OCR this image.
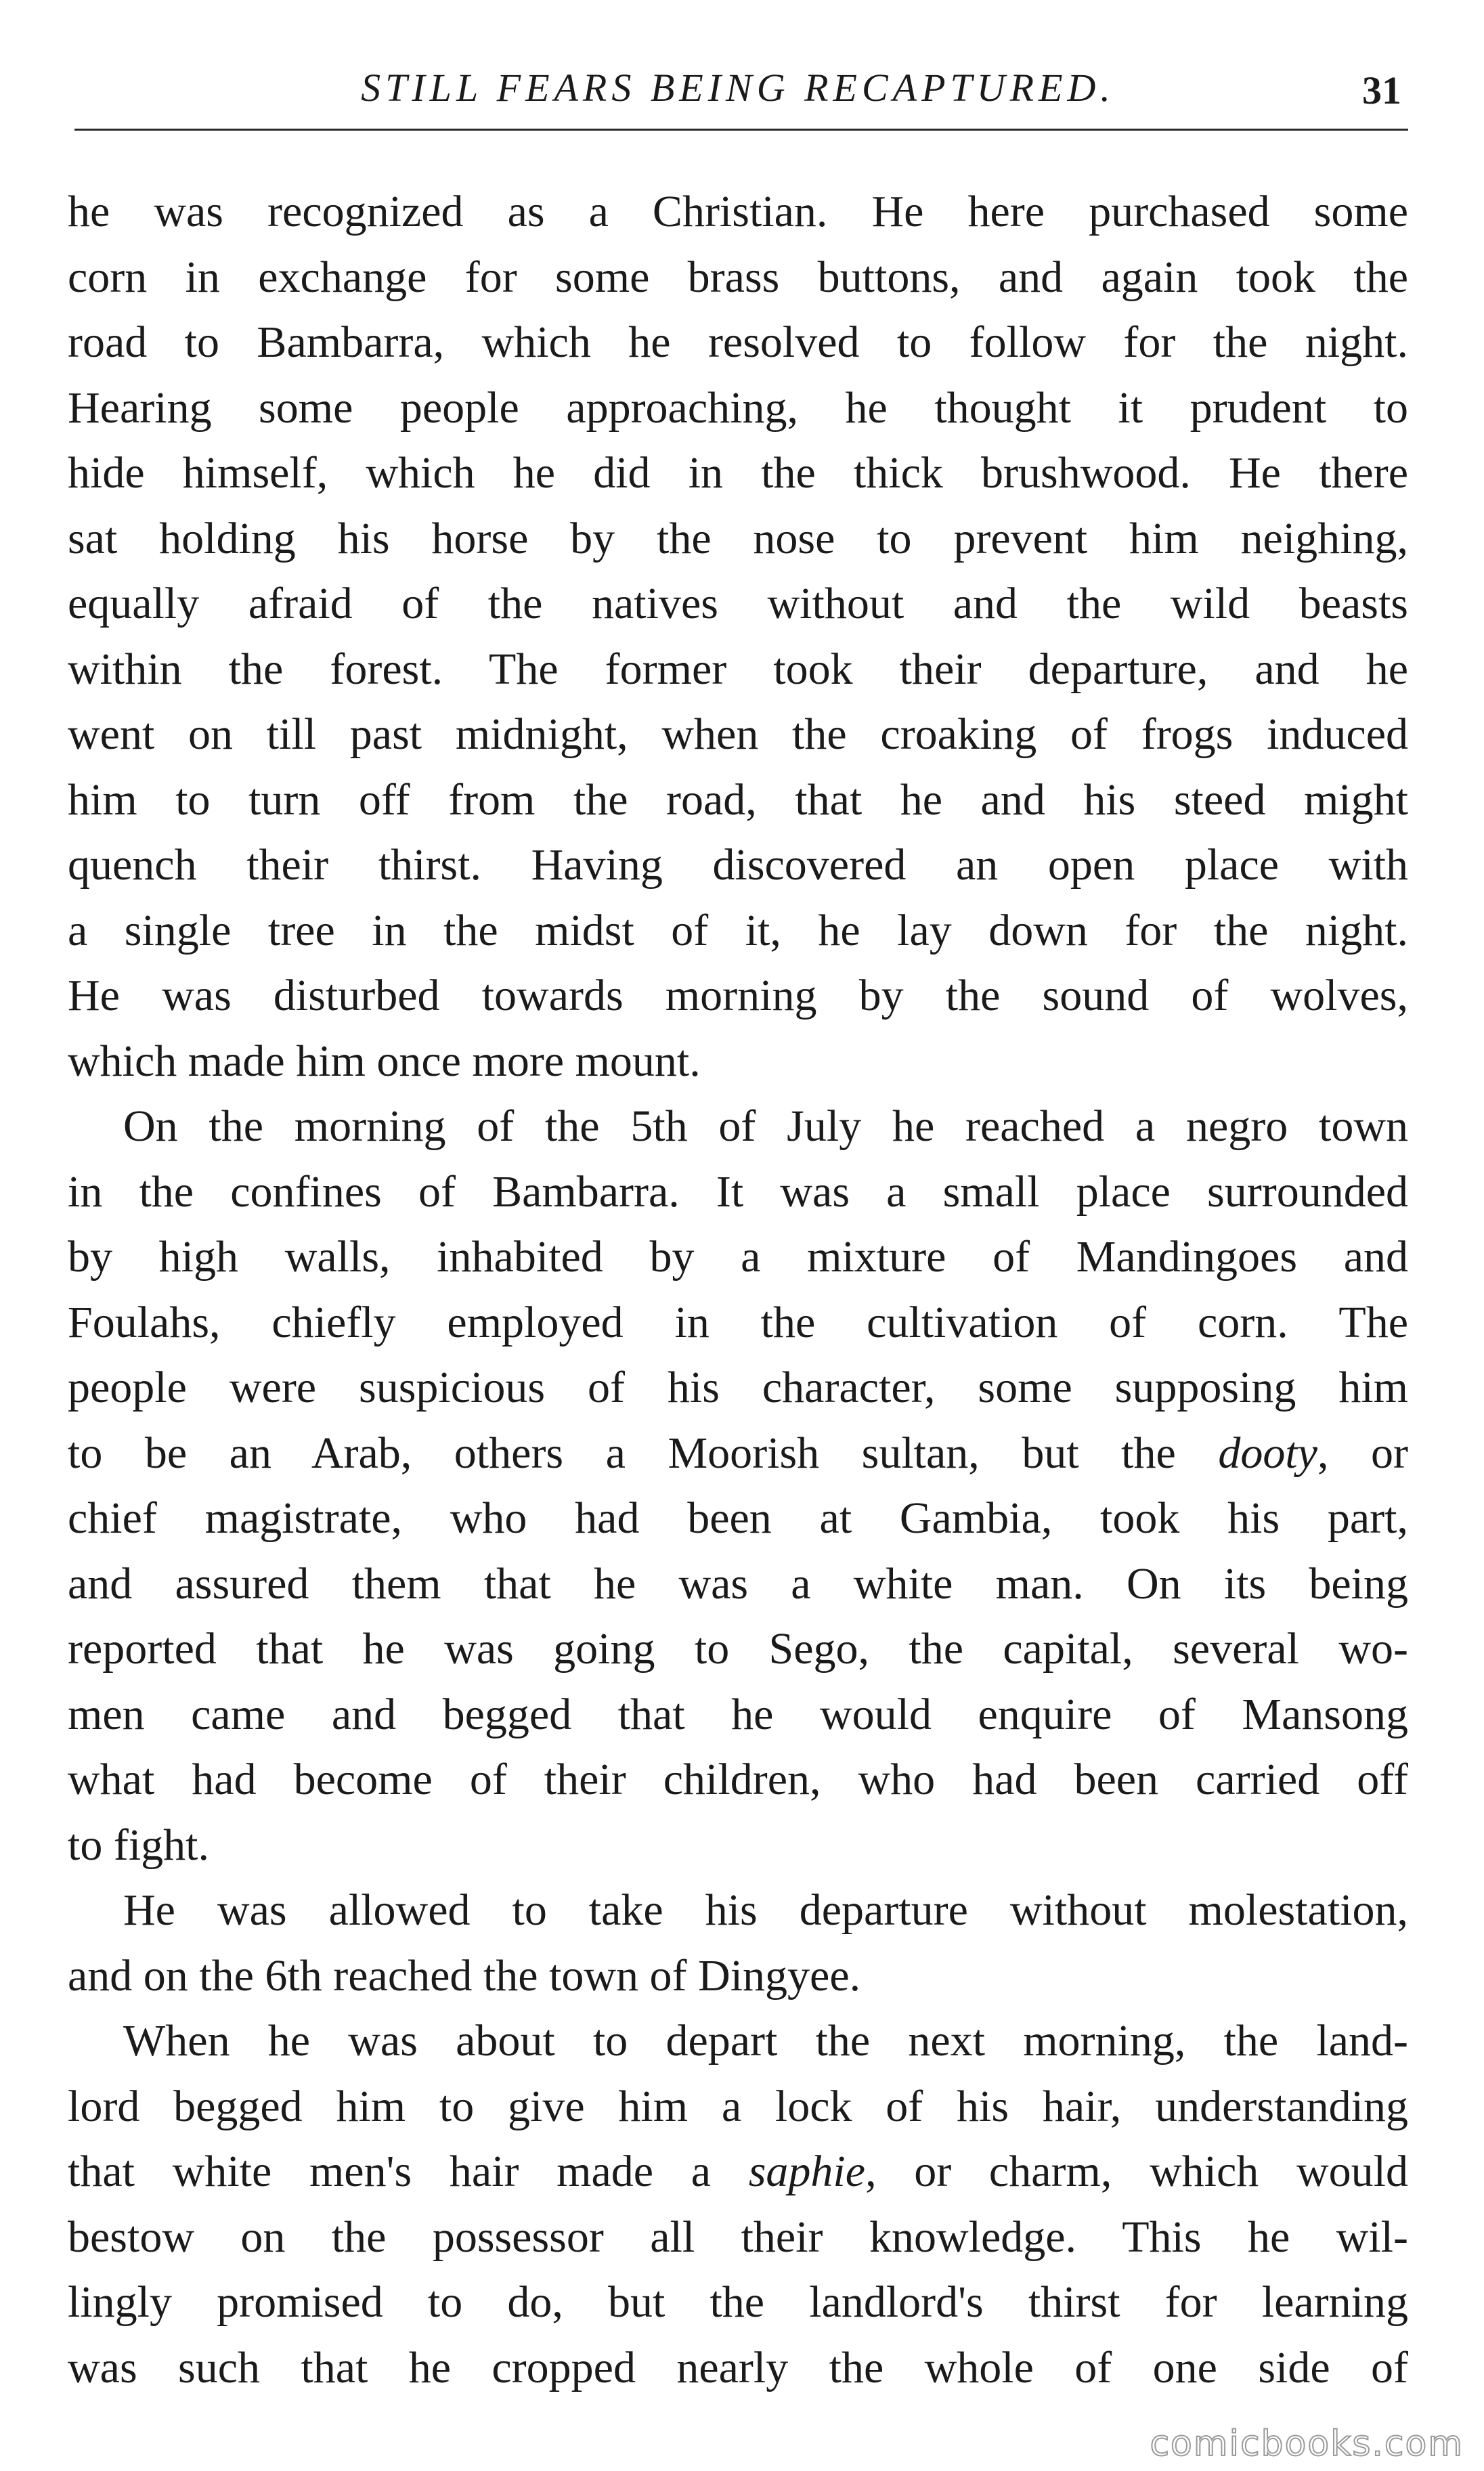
STILL FEARS BEING RECAPTURED.	31

he was recognized as a Christian. He here purchased some
corn in exchange for some brass buttons, and again took the
road to Bambarra, which he resolved to follow for the night.
Hearing some people approaching, he thought it prudent to
hide himself, which he did in the thick brushwood. He there
sat holding his horse by the nose to prevent him neighing,
equally afraid of the natives without and the wild beasts
within the forest. The former took their departure, and he
went on till past midnight, when the croaking of frogs induced
him to turn off from the road, that he and his steed might
quench their thirst. Having discovered an open place with
a single tree in the midst of it, he lay down for the night.
He was disturbed towards morning by the sound of wolves,
which made him once more mount.

On the morning of the 5th of July he reached a negro town
in the confines of Bambarra. It was a small place surrounded
by high walls, inhabited by a mixture of Mandingoes and
Foulahs, chiefly employed in the cultivation of corn. The
people were suspicious of his character, some supposing him
to be an Arab, others a Moorish sultan, but the dooty, or
chief magistrate, who had been at Gambia, took his part,
and assured them that he was a white man. On its being
reported that he was going to Sego, the capital, several wo-
men came and begged that he would enquire of Mansong
what had become of their children, who had been carried off
to fight.

He was allowed to take his departure without molestation,
and on the 6th reached the town of Dingyee.

When he was about to depart the next morning, the land-
lord begged him to give him a lock of his hair, understanding
that white men's hair made a saphie, or charm, which would
bestow on the possessor all their knowledge. This he wil-
lingly promised to do, but the landlord's thirst for learning
was such that he cropped nearly the whole of one side of

comicbooks.com
